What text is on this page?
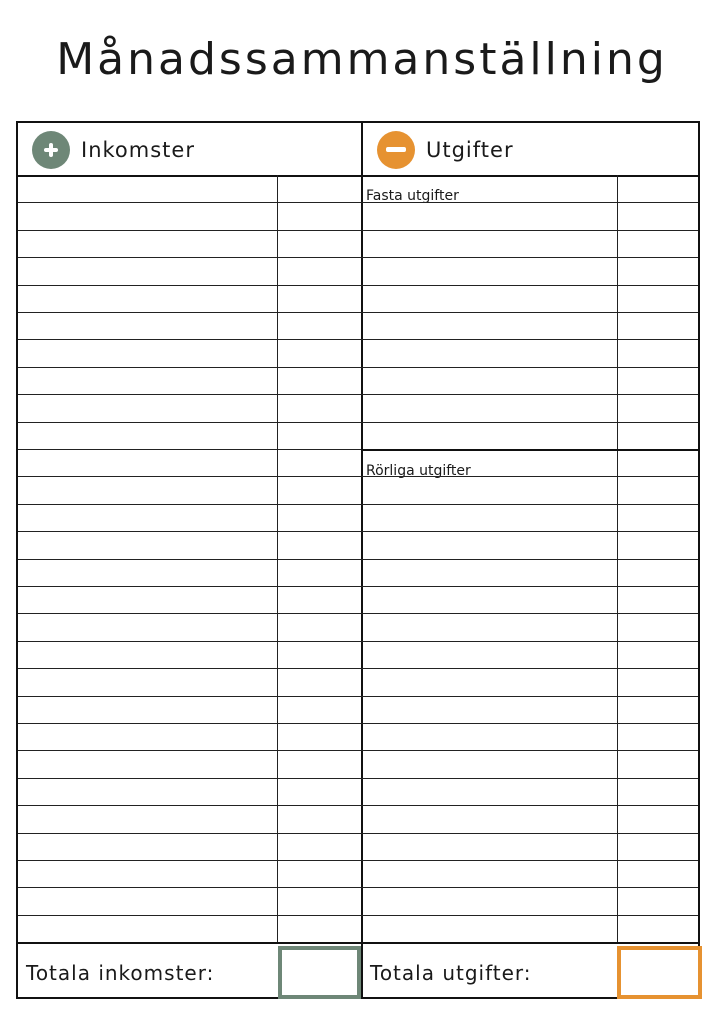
Månadssammanställning
Inkomster	Utgifter
Fasta utgifter
Rörliga utgifter
Totala inkomster:	Totala utgifter:
